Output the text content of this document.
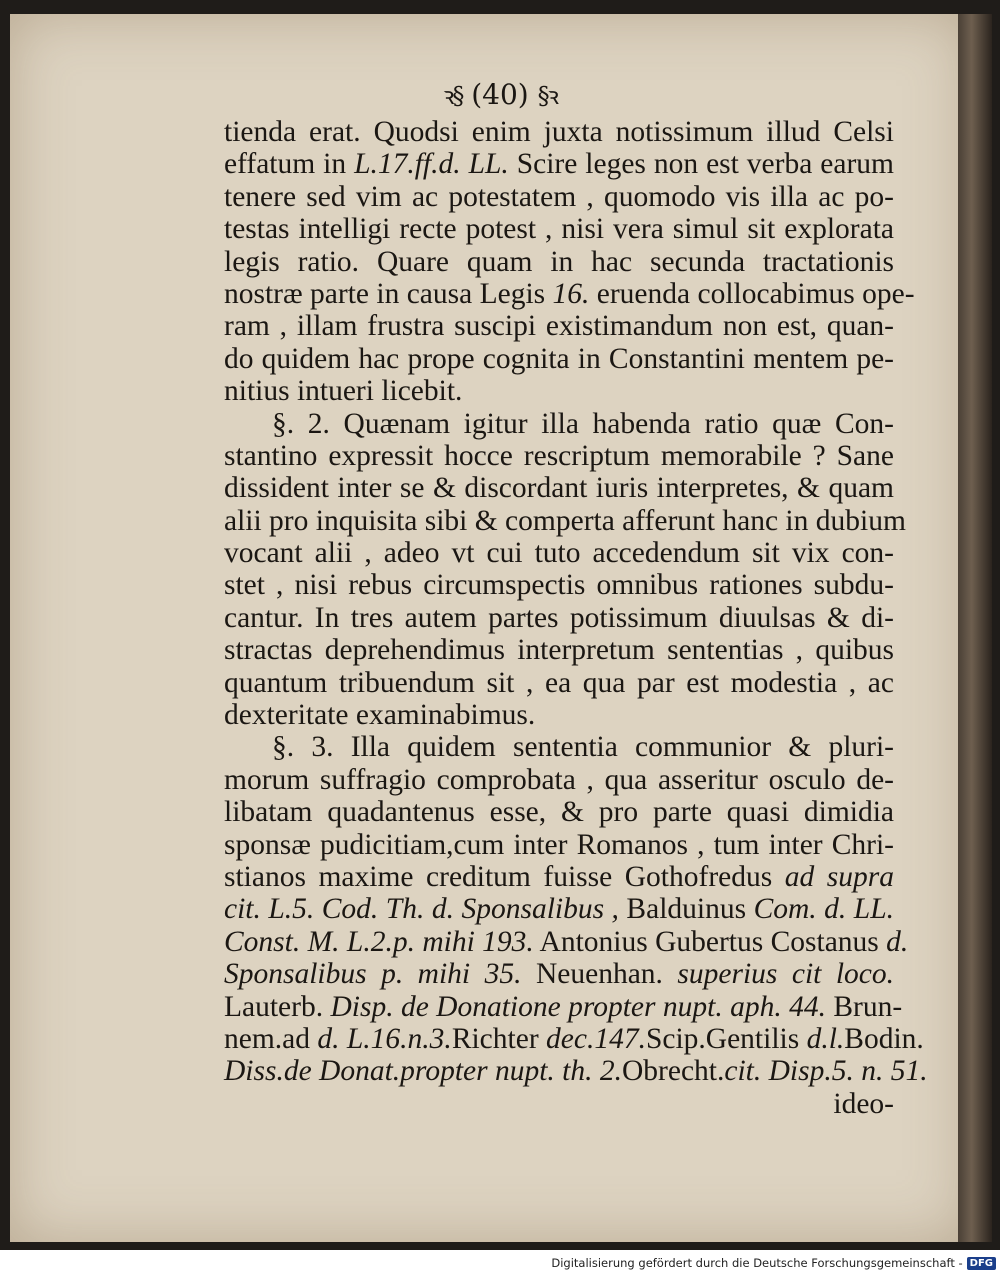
ꝛ§ (40) §ꝛ
tienda erat. Quodsi enim juxta notissimum illud Celsi
effatum in L.17.ff.d. LL. Scire leges non est verba earum
tenere sed vim ac potestatem , quomodo vis illa ac po-
testas intelligi recte potest , nisi vera simul sit explorata
legis ratio. Quare quam in hac secunda tractationis
nostræ parte in causa Legis 16. eruenda collocabimus ope-
ram , illam frustra suscipi existimandum non est, quan-
do quidem hac prope cognita in Constantini mentem pe-
nitius intueri licebit.
§. 2. Quænam igitur illa habenda ratio quæ Con-
stantino expressit hocce rescriptum memorabile ? Sane
dissident inter se & discordant iuris interpretes, & quam
alii pro inquisita sibi & comperta afferunt hanc in dubium
vocant alii , adeo vt cui tuto accedendum sit vix con-
stet , nisi rebus circumspectis omnibus rationes subdu-
cantur. In tres autem partes potissimum diuulsas & di-
stractas deprehendimus interpretum sententias , quibus
quantum tribuendum sit , ea qua par est modestia , ac
dexteritate examinabimus.
§. 3. Illa quidem sententia communior & pluri-
morum suffragio comprobata , qua asseritur osculo de-
libatam quadantenus esse, & pro parte quasi dimidia
sponsæ pudicitiam,cum inter Romanos , tum inter Chri-
stianos maxime creditum fuisse Gothofredus ad supra
cit. L.5. Cod. Th. d. Sponsalibus , Balduinus Com. d. LL.
Const. M. L.2.p. mihi 193. Antonius Gubertus Costanus d.
Sponsalibus p. mihi 35. Neuenhan. superius cit loco.
Lauterb. Disp. de Donatione propter nupt. aph. 44. Brun-
nem.ad d. L.16.n.3.Richter dec.147.Scip.Gentilis d.l.Bodin.
Diss.de Donat.propter nupt. th. 2.Obrecht.cit. Disp.5. n. 51.
ideo-
Digitalisierung gefördert durch die Deutsche Forschungsgemeinschaft - DFG
